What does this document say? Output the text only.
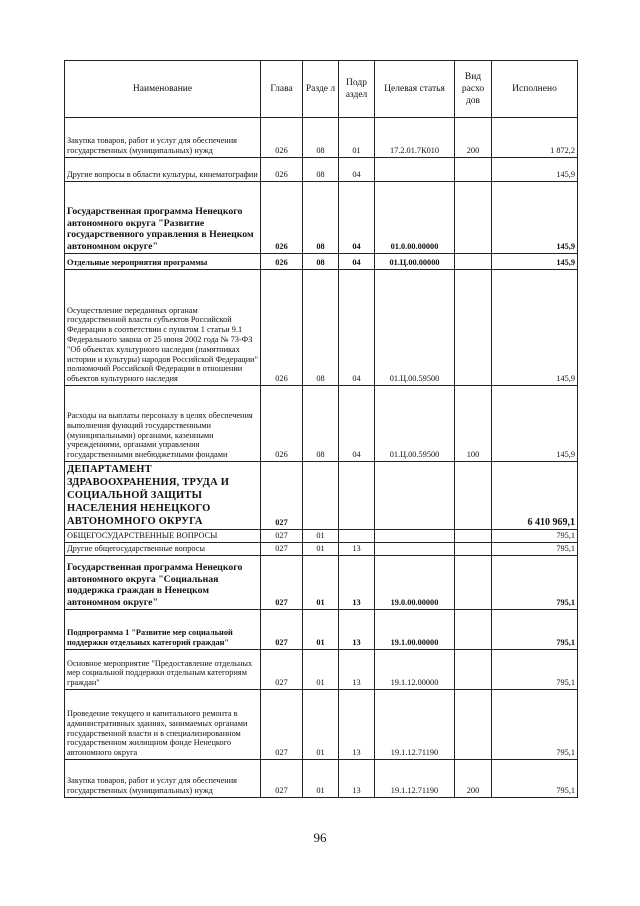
Наименование	Глава	Разде л	Подр аздел	Целевая статья	Вид расхо дов	Исполнено
Закупка товаров, работ и услуг для обеспечения государственных (муниципальных) нужд	026	08	01	17.2.01.7К010	200	1 872,2
Другие вопросы в области культуры, кинематографии	026	08	04			145,9
Государственная программа Ненецкого автономного округа "Развитие государственного управления в Ненецком автономном округе"	026	08	04	01.0.00.00000		145,9
Отдельные мероприятия программы	026	08	04	01.Ц.00.00000		145,9
Осуществление переданных органам государственной власти субъектов Российской Федерации в соответствии с пунктом 1 статьи 9.1 Федерального закона от 25 июня 2002 года № 73-ФЗ "Об объектах культурного наследия (памятниках истории и культуры) народов Российской Федерации" полномочий Российской Федерации в отношении объектов культурного наследия	026	08	04	01.Ц.00.59500		145,9
Расходы на выплаты персоналу в целях обеспечения выполнения функций государственными (муниципальными) органами, казенными учреждениями, органами управления государственными внебюджетными фондами	026	08	04	01.Ц.00.59500	100	145,9
ДЕПАРТАМЕНТ ЗДРАВООХРАНЕНИЯ, ТРУДА И СОЦИАЛЬНОЙ ЗАЩИТЫ НАСЕЛЕНИЯ НЕНЕЦКОГО АВТОНОМНОГО ОКРУГА	027					6 410 969,1
ОБЩЕГОСУДАРСТВЕННЫЕ ВОПРОСЫ	027	01				795,1
Другие общегосударственные вопросы	027	01	13			795,1
Государственная программа Ненецкого автономного округа "Социальная поддержка граждан в Ненецком автономном округе"	027	01	13	19.0.00.00000		795,1
Подпрограмма 1 "Развитие мер социальной поддержки отдельных категорий граждан"	027	01	13	19.1.00.00000		795,1
Основное мероприятие "Предоставление отдельных мер социальной поддержки отдельным категориям граждан"	027	01	13	19.1.12.00000		795,1
Проведение текущего и капитального ремонта в административных зданиях, занимаемых органами государственной власти и в специализированном государственном жилищном фонде Ненецкого автономного округа	027	01	13	19.1.12.71190		795,1
Закупка товаров, работ и услуг для обеспечения государственных (муниципальных) нужд	027	01	13	19.1.12.71190	200	795,1
96
